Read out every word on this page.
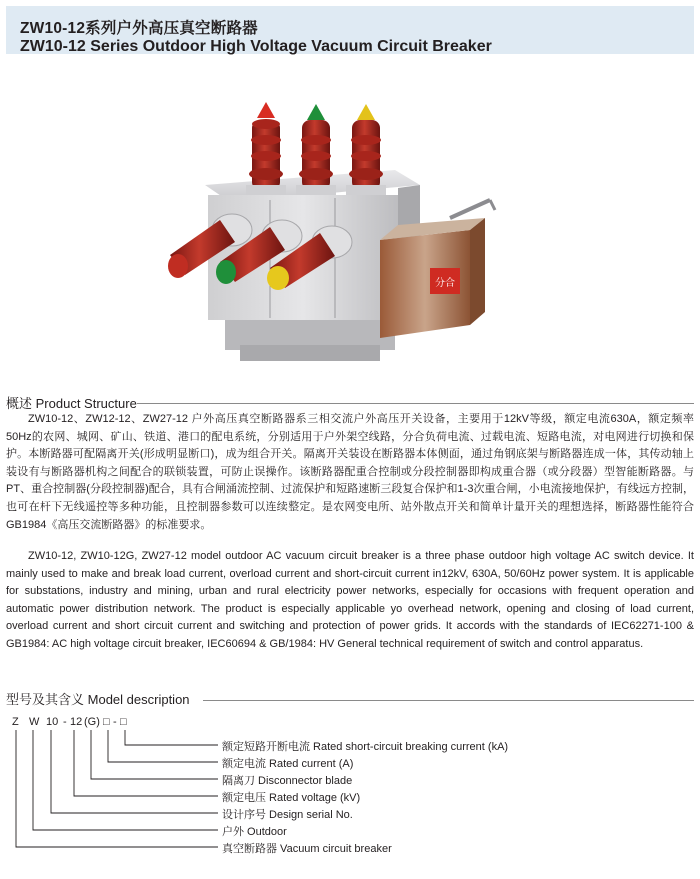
ZW10-12系列户外高压真空断路器
ZW10-12 Series Outdoor High Voltage Vacuum Circuit Breaker
分合
概述 Product Structure

ZW10-12、ZW12-12、ZW27-12 户外高压真空断路器系三相交流户外高压开关设备，主要用于12kV等级，额定电流630A，额定频率50Hz的农网、城网、矿山、铁道、港口的配电系统，分别适用于户外架空线路，分合负荷电流、过载电流、短路电流，对电网进行切换和保护。本断路器可配隔离开关(形成明显断口)，成为组合开关。隔离开关装设在断路器本体侧面，通过角钢底架与断路器连成一体，其传动轴上装设有与断路器机构之间配合的联锁装置，可防止误操作。该断路器配重合控制或分段控制器即构成重合器（或分段器）型智能断路器。与PT、重合控制器(分段控制器)配合，具有合闸涌流控制、过流保护和短路速断三段复合保护和1-3次重合闸，小电流接地保护，有线远方控制，也可在杆下无线遥控等多种功能，且控制器参数可以连续整定。是农网变电所、站外散点开关和简单计量开关的理想选择，断路器性能符合GB1984《高压交流断路器》的标准要求。

ZW10-12, ZW10-12G, ZW27-12 model outdoor AC vacuum circuit breaker is a three phase outdoor high voltage AC switch device. It mainly used to make and break load current, overload current and short-circuit current in12kV, 630A, 50/60Hz power system. It is applicable for substations, industry and mining, urban and rural electricity power networks, especially for occasions with frequent operation and automatic power distribution network. The product is especially applicable yo overhead network, opening and closing of load current, overload current and short circuit current and switching and protection of power grids. It accords with the standards of IEC62271-100 & GB1984: AC high voltage circuit breaker, IEC60694 & GB/1984: HV General technical requirement of switch and control apparatus.

型号及其含义 Model description
Z W 10 - 12 (G) □ - □
额定短路开断电流 Rated short-circuit breaking current (kA)
额定电流 Rated current (A)
隔离刀 Disconnector blade
额定电压 Rated voltage (kV)
设计序号 Design serial No.
户外 Outdoor
真空断路器 Vacuum circuit breaker
